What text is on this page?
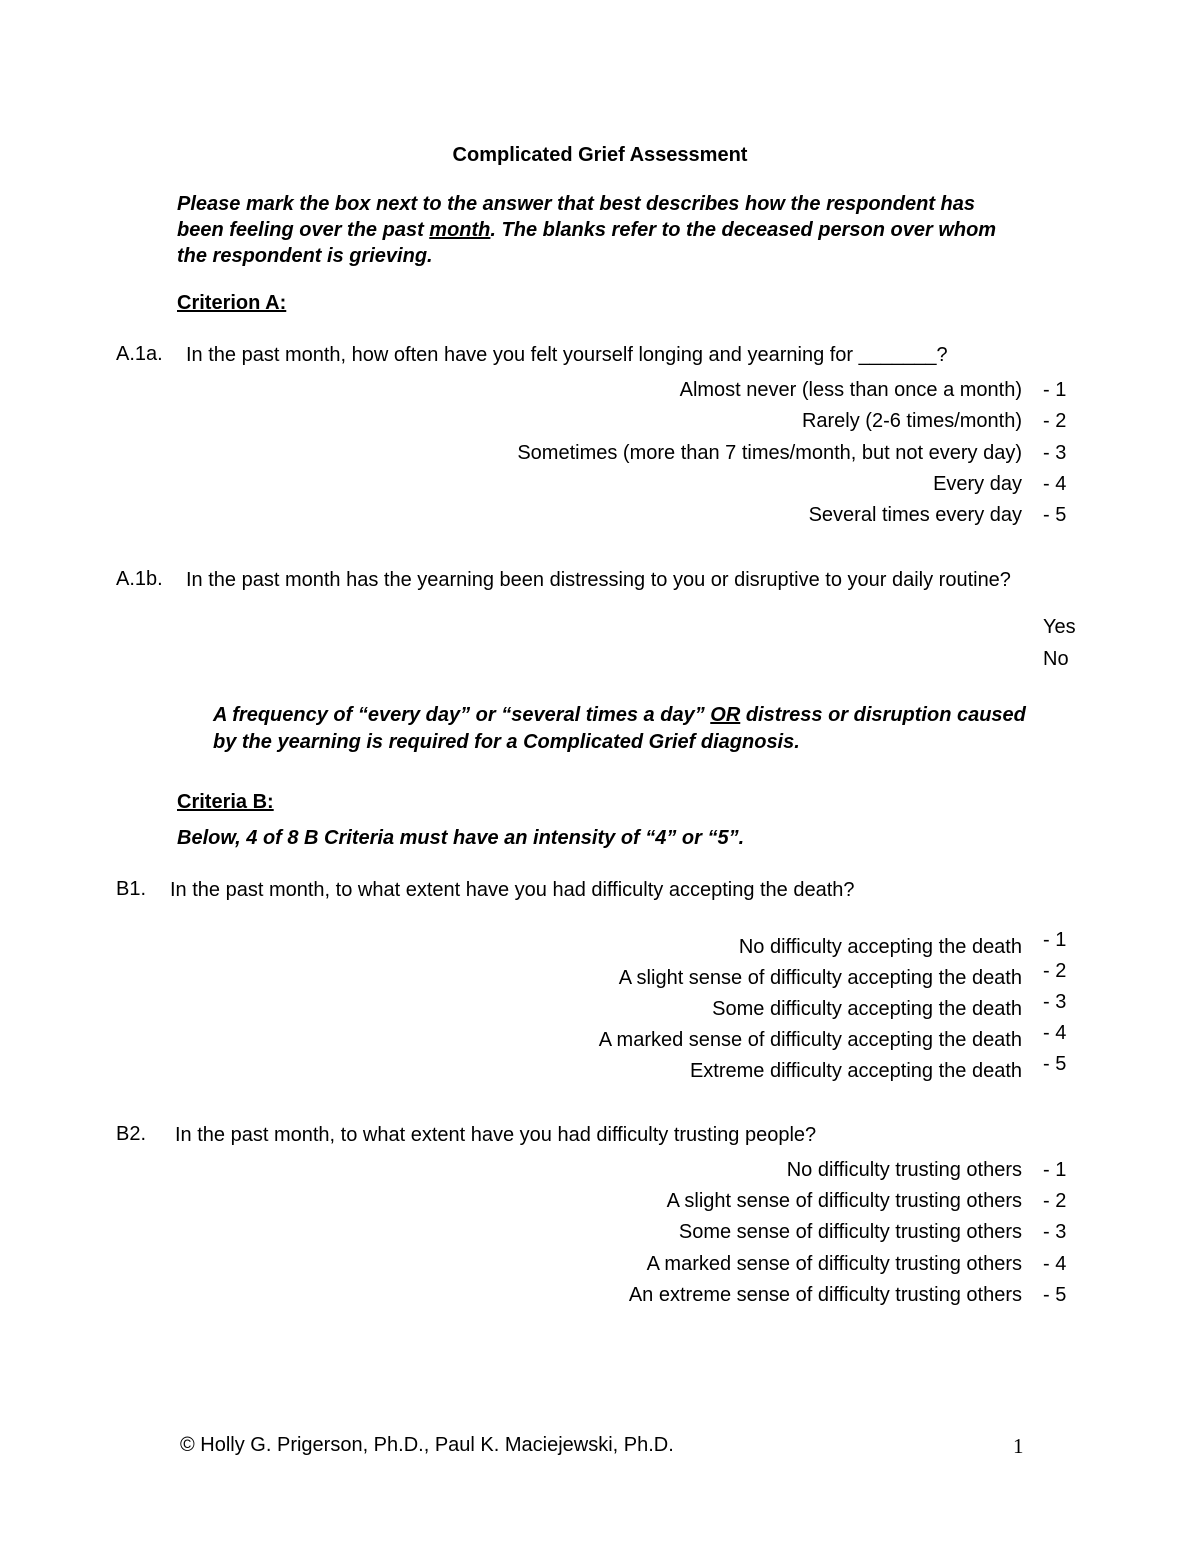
Complicated Grief Assessment
Please mark the box next to the answer that best describes how the respondent has been feeling over the past month. The blanks refer to the deceased person over whom the respondent is grieving.
Criterion A:
A.1a. In the past month, how often have you felt yourself longing and yearning for _______?
Almost never (less than once a month) - 1
Rarely (2-6 times/month) - 2
Sometimes (more than 7 times/month, but not every day) - 3
Every day - 4
Several times every day - 5
A.1b. In the past month has the yearning been distressing to you or disruptive to your daily routine?
Yes
No
A frequency of “every day” or “several times a day” OR distress or disruption caused by the yearning is required for a Complicated Grief diagnosis.
Criteria B:
Below, 4 of 8 B Criteria must have an intensity of “4” or “5”.
B1. In the past month, to what extent have you had difficulty accepting the death?
No difficulty accepting the death - 1
A slight sense of difficulty accepting the death - 2
Some difficulty accepting the death - 3
A marked sense of difficulty accepting the death - 4
Extreme difficulty accepting the death - 5
B2. In the past month, to what extent have you had difficulty trusting people?
No difficulty trusting others - 1
A slight sense of difficulty trusting others - 2
Some sense of difficulty trusting others - 3
A marked sense of difficulty trusting others - 4
An extreme sense of difficulty trusting others - 5
© Holly G. Prigerson, Ph.D., Paul K. Maciejewski, Ph.D.	1
